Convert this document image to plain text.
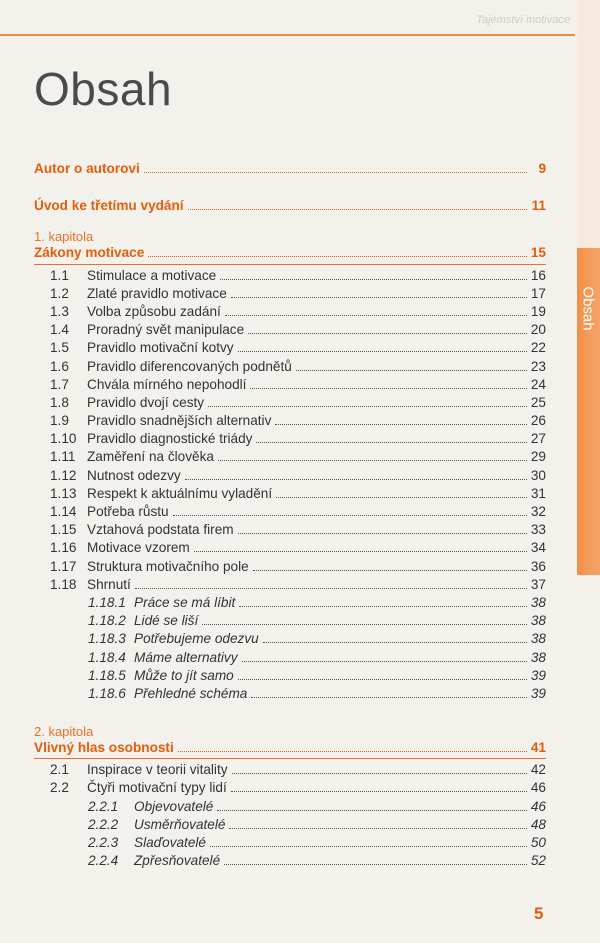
Tajemství motivace
Obsah
Obsah
Autor o autorovi	9
Úvod ke třetímu vydání	11
1. kapitola
Zákony motivace	15
1.1	Stimulace a motivace	16
1.2	Zlaté pravidlo motivace	17
1.3	Volba způsobu zadání	19
1.4	Proradný svět manipulace	20
1.5	Pravidlo motivační kotvy	22
1.6	Pravidlo diferencovaných podnětů	23
1.7	Chvála mírného nepohodlí	24
1.8	Pravidlo dvojí cesty	25
1.9	Pravidlo snadnějších alternativ	26
1.10 Pravidlo diagnostické triády	27
1.11 Zaměření na člověka	29
1.12 Nutnost odezvy	30
1.13 Respekt k aktuálnímu vyladění	31
1.14 Potřeba růstu	32
1.15 Vztahová podstata firem	33
1.16 Motivace vzorem	34
1.17 Struktura motivačního pole	36
1.18 Shrnutí	37
1.18.1 Práce se má líbit	38
1.18.2 Lidé se liší	38
1.18.3 Potřebujeme odezvu	38
1.18.4 Máme alternativy	38
1.18.5 Může to jít samo	39
1.18.6 Přehledné schéma	39
2. kapitola
Vlivný hlas osobnosti	41
2.1	Inspirace v teorii vitality	42
2.2	Čtyři motivační typy lidí	46
2.2.1	Objevovatelé	46
2.2.2	Usměrňovatelé	48
2.2.3	Slaďovatelé	50
2.2.4	Zpřesňovatelé	52
5
